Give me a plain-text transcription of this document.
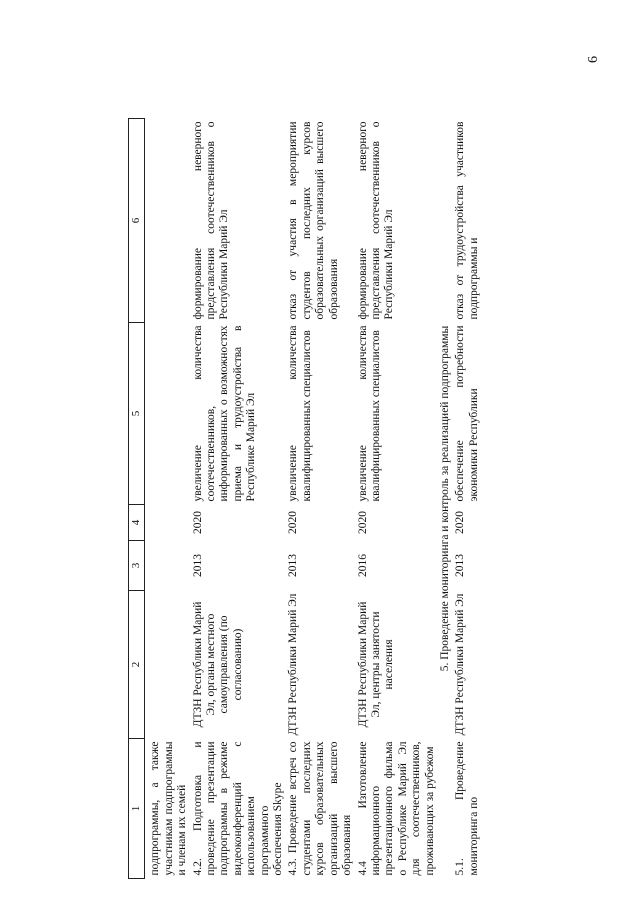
6
1	2	3	4	5	6
подпрограммы, а также участникам подпрограммы и членам их семей					
4.2. Подготовка и проведение презентации подпрограммы в режиме видеоконференций с использованием программного обеспечения Skype	ДТЗН Республики Марий Эл, органы местного самоуправления (по согласованию)	2013	2020	увеличение количества соотечественников, информированных о возможностях приема и трудоустройства в Республике Марий Эл	формирование неверного представления соотечественников о Республики Марий Эл
4.3. Проведение встреч со студентами последних курсов образовательных организаций высшего образования	ДТЗН Республики Марий Эл	2013	2020	увеличение количества квалифицированных специалистов	отказ от участия в мероприятии студентов последних курсов образовательных организаций высшего образования
4.4 Изготовление информационного презентационного фильма о Республике Марий Эл для соотечественников, проживающих за рубежом	ДТЗН Республики Марий Эл, центры занятости населения	2016	2020	увеличение количества квалифицированных специалистов	формирование неверного представления соотечественников о Республики Марий Эл
5. Проведение мониторинга и контроль за реализацией подпрограммы					
5.1. Проведение мониторинга по	ДТЗН Республики Марий Эл	2013	2020	обеспечение потребности экономики Республики	отказ от трудоустройства участников подпрограммы и
